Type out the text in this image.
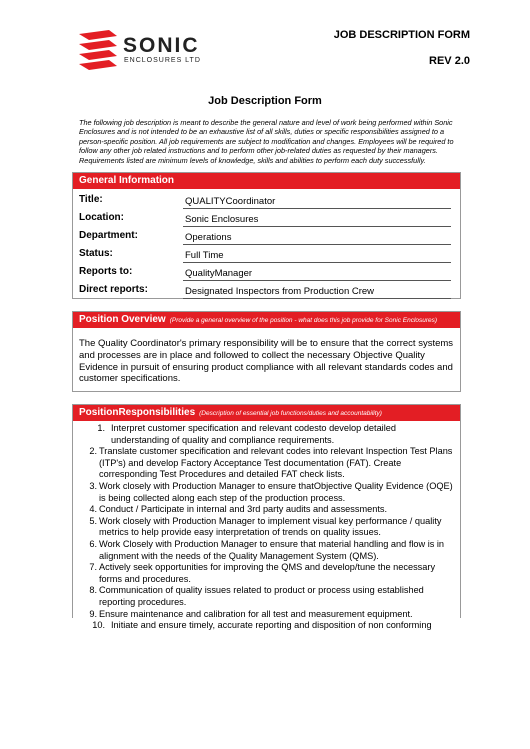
SONIC
ENCLOSURES LTD
JOB DESCRIPTION FORM
REV 2.0
Job Description Form
The following job description is meant to describe the general nature and level of work being performed within Sonic Enclosures and is not intended to be an exhaustive list of all skills, duties or specific responsibilities assigned to a person-specific position. All job requirements are subject to modification and changes. Employees will be required to follow any other job related instructions and to perform other job-related duties as requested by their managers. Requirements listed are minimum levels of knowledge, skills and abilities to perform each duty successfully.
General Information
Title:	QUALITYCoordinator
Location:	Sonic Enclosures
Department:	Operations
Status:	Full Time
Reports to:	QualityManager
Direct reports:	Designated Inspectors from Production Crew
Position Overview (Provide a general overview of the position - what does this job provide for Sonic Enclosures)
The Quality Coordinator's primary responsibility will be to ensure that the correct systems and processes are in place and followed to collect the necessary Objective Quality Evidence in pursuit of ensuring product compliance with all relevant standards codes and customer specifications.
PositionResponsibilities (Description of essential job functions/duties and accountability)
1. Interpret customer specification and relevant codesto develop detailed understanding of quality and compliance requirements.
2. Translate customer specification and relevant codes into relevant Inspection Test Plans (ITP's) and develop Factory Acceptance Test documentation (FAT). Create corresponding Test Procedures and detailed FAT check lists.
3. Work closely with Production Manager to ensure thatObjective Quality Evidence (OQE) is being collected along each step of the production process.
4. Conduct / Participate in internal and 3rd party audits and assessments.
5. Work closely with Production Manager to implement visual key performance / quality metrics to help provide easy interpretation of trends on quality issues.
6. Work Closely with Production Manager to ensure that material handling and flow is in alignment with the needs of the Quality Management System (QMS).
7. Actively seek opportunities for improving the QMS and develop/tune the necessary forms and procedures.
8. Communication of quality issues related to product or process using established reporting procedures.
9. Ensure maintenance and calibration for all test and measurement equipment.
10. Initiate and ensure timely, accurate reporting and disposition of non conforming
